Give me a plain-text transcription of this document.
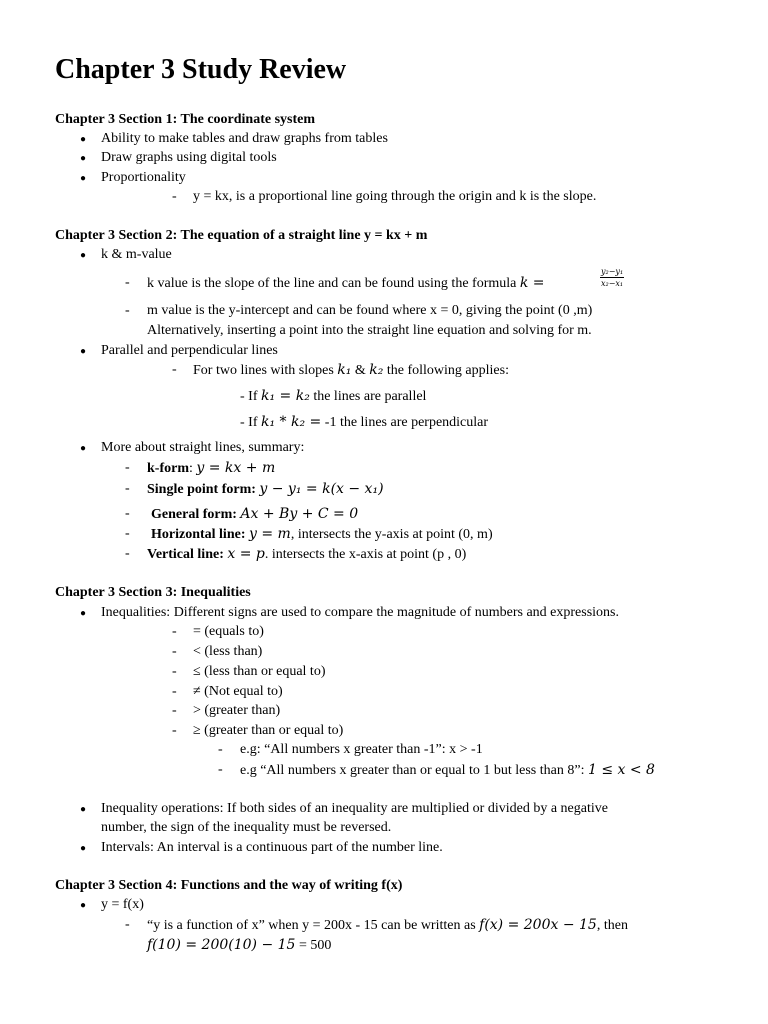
Chapter 3 Study Review
Chapter 3 Section 1: The coordinate system
● Ability to make tables and draw graphs from tables
● Draw graphs using digital tools
● Proportionality
- y = kx, is a proportional line going through the origin and k is the slope.
Chapter 3 Section 2: The equation of a straight line y = kx + m
● k & m-value
- k value is the slope of the line and can be found using the formula k =	$\frac{\text{y₂−y₁}}{\text{x₂−x₁}}$
- m value is the y-intercept and can be found where x = 0, giving the point (0 ,m)
Alternatively, inserting a point into the straight line equation and solving for m.
● Parallel and perpendicular lines
- For two lines with slopes k₁ & k₂ the following applies:
- If k₁ = k₂ the lines are parallel
- If k₁ * k₂ = -1 the lines are perpendicular
● More about straight lines, summary:
- k-form: y = kx + m
- Single point form: y − y₁ = k(x − x₁)
- General form: Ax + By + C = 0
- Horizontal line: y = m, intersects the y-axis at point (0, m)
- Vertical line: x = p. intersects the x-axis at point (p , 0)
Chapter 3 Section 3: Inequalities
● Inequalities: Different signs are used to compare the magnitude of numbers and expressions.
- = (equals to)
- < (less than)
- ≤ (less than or equal to)
- ≠ (Not equal to)
- > (greater than)
- ≥ (greater than or equal to)
- e.g: “All numbers x greater than -1”: x > -1
- e.g “All numbers x greater than or equal to 1 but less than 8”: 1 ≤ x < 8
● Inequality operations: If both sides of an inequality are multiplied or divided by a negative
number, the sign of the inequality must be reversed.
● Intervals: An interval is a continuous part of the number line.
Chapter 3 Section 4: Functions and the way of writing f(x)
● y = f(x)
- “y is a function of x” when y = 200x - 15 can be written as f(x) = 200x − 15, then
f(10) = 200(10) − 15 = 500
